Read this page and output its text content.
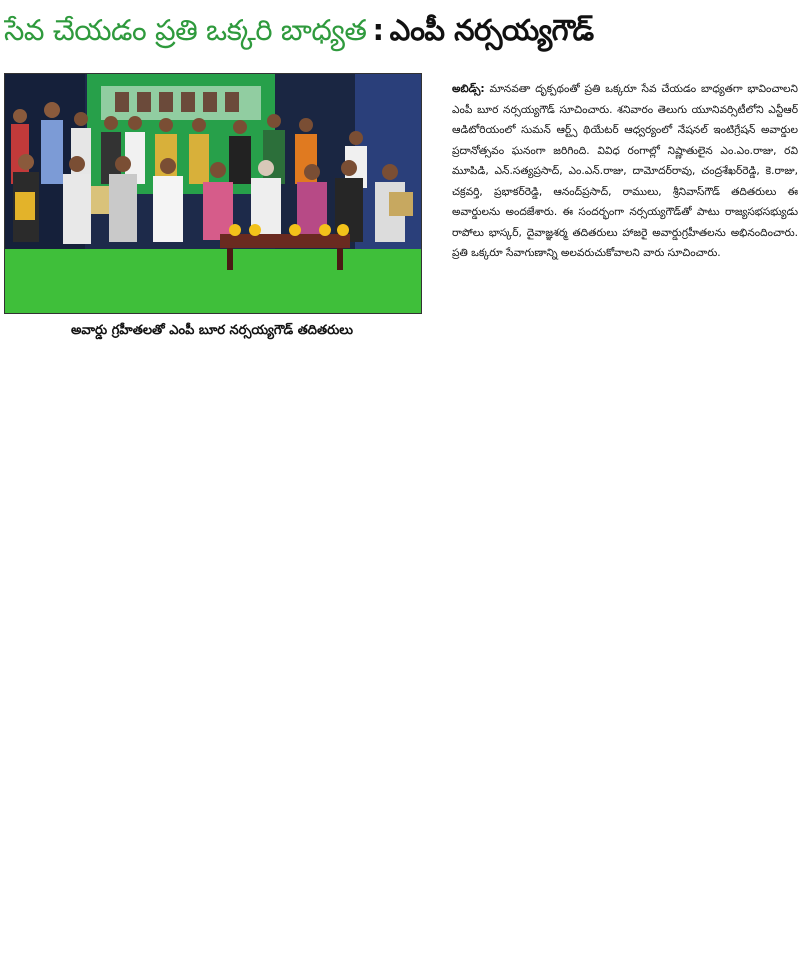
సేవ చేయడం ప్రతి ఒక్కరి బాధ్యత : ఎంపీ నర్సయ్యగౌడ్
అవార్డు గ్రహీతలతో ఎంపీ బూర నర్సయ్యగౌడ్ తదితరులు
అబిడ్స్: మానవతా దృక్పథంతో ప్రతి ఒక్కరూ సేవ చేయడం బాధ్యతగా భావించాలని ఎంపీ బూర నర్సయ్యగౌడ్ సూచించారు. శనివారం తెలుగు యూనివర్సిటీలోని ఎన్టీఆర్ ఆడిటోరియంలో సుమన్ ఆర్ట్స్ థియేటర్ ఆధ్వర్యంలో నేషనల్ ఇంటిగ్రేషన్ అవార్డుల ప్రదానోత్సవం ఘనంగా జరిగింది. వివిధ రంగాల్లో నిష్ణాతులైన ఎం.ఎం.రాజు, రవి మూపిడి, ఎన్.సత్యప్రసాద్, ఎం.ఎన్.రాజు, దామోదర్‌రావు, చంద్రశేఖర్‌రెడ్డి, కె.రాజు, చక్రవర్తి, ప్రభాకర్‌రెడ్డి, ఆనంద్‌ప్రసాద్, రాములు, శ్రీనివాస్‌గౌడ్ తదితరులు ఈ అవార్డులను అందజేశారు. ఈ సందర్భంగా నర్సయ్యగౌడ్‌తో పాటు రాజ్యసభసభ్యుడు రాపోలు భాస్కర్, దైవాజ్ఞశర్మ తదితరులు హాజరై అవార్డుగ్రహీతలను అభినందించారు. ప్రతి ఒక్కరూ సేవాగుణాన్ని అలవరుచుకోవాలని వారు సూచించారు.
